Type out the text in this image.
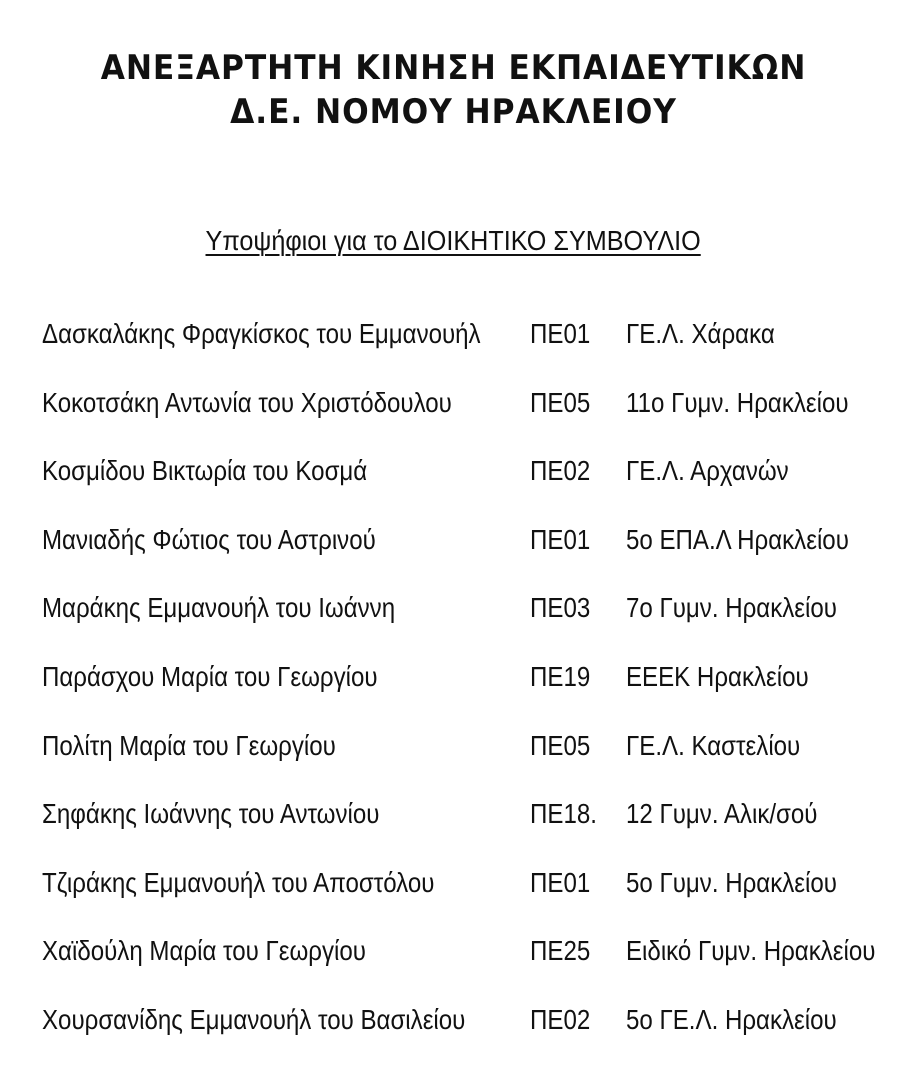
ΑΝΕΞΑΡΤΗΤΗ ΚΙΝΗΣΗ ΕΚΠΑΙΔΕΥΤΙΚΩΝ
Δ.Ε. ΝΟΜΟΥ ΗΡΑΚΛΕΙΟΥ
Υποψήφιοι για το ΔΙΟΙΚΗΤΙΚΟ ΣΥΜΒΟΥΛΙΟ
Δασκαλάκης Φραγκίσκος του Εμμανουήλ ΠΕ01 ΓΕ.Λ. Χάρακα
Κοκοτσάκη Αντωνία του Χριστόδουλου	ΠΕ05 11ο Γυμν. Ηρακλείου
Κοσμίδου Βικτωρία του Κοσμά	ΠΕ02 ΓΕ.Λ. Αρχανών
Μανιαδής Φώτιος του Αστρινού	ΠΕ01 5ο ΕΠΑ.Λ Ηρακλείου
Μαράκης Εμμανουήλ του Ιωάννη	ΠΕ03 7ο Γυμν. Ηρακλείου
Παράσχου Μαρία του Γεωργίου	ΠΕ19 ΕΕΕΚ Ηρακλείου
Πολίτη Μαρία του Γεωργίου	ΠΕ05 ΓΕ.Λ. Καστελίου
Σηφάκης Ιωάννης του Αντωνίου	ΠΕ18. 12 Γυμν. Αλικ/σού
Τζιράκης Εμμανουήλ του Αποστόλου	ΠΕ01 5ο Γυμν. Ηρακλείου
Χαϊδούλη Μαρία του Γεωργίου	ΠΕ25 Ειδικό Γυμν. Ηρακλείου
Χουρσανίδης Εμμανουήλ του Βασιλείου ΠΕ02 5ο ΓΕ.Λ. Ηρακλείου
